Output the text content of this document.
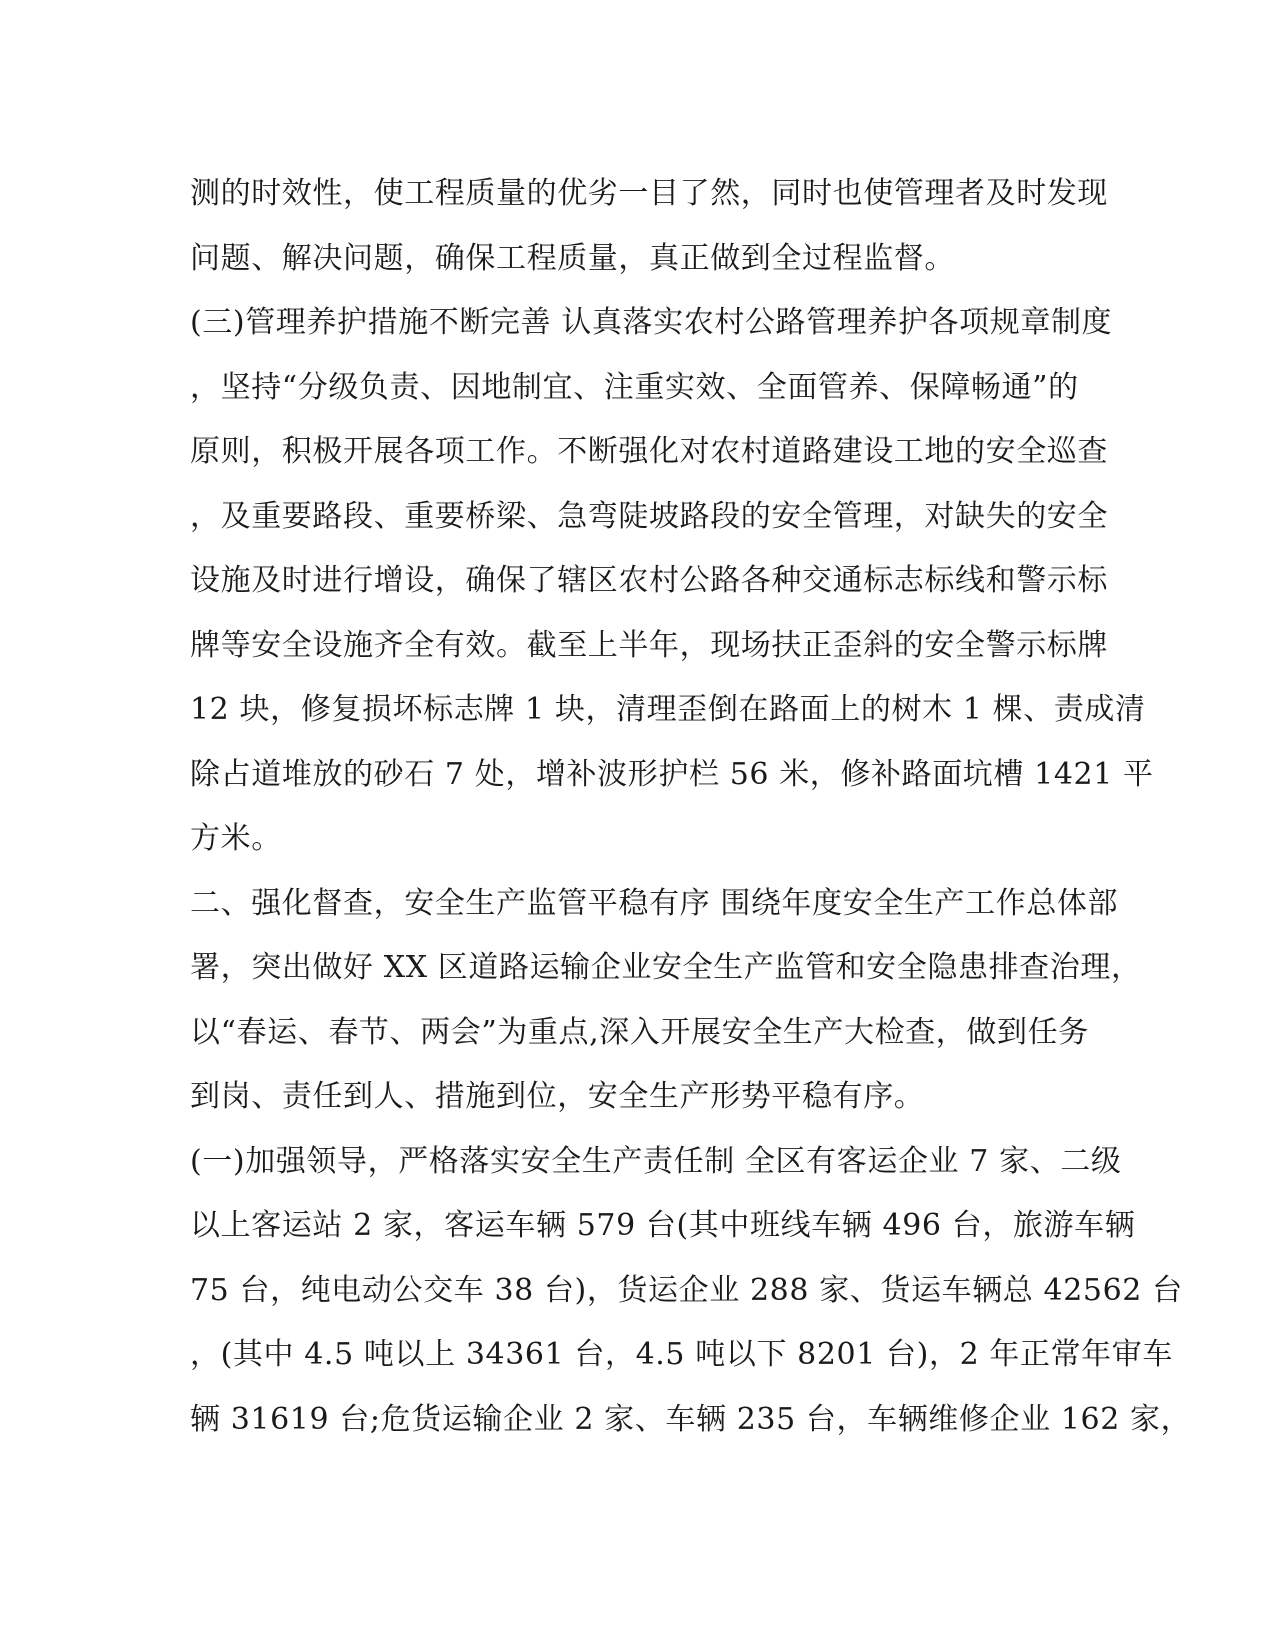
测的时效性，使工程质量的优劣一目了然，同时也使管理者及时发现
问题、解决问题，确保工程质量，真正做到全过程监督。
(三)管理养护措施不断完善 认真落实农村公路管理养护各项规章制度
，坚持“分级负责、因地制宜、注重实效、全面管养、保障畅通”的
原则，积极开展各项工作。不断强化对农村道路建设工地的安全巡查
，及重要路段、重要桥梁、急弯陡坡路段的安全管理，对缺失的安全
设施及时进行增设，确保了辖区农村公路各种交通标志标线和警示标
牌等安全设施齐全有效。截至上半年，现场扶正歪斜的安全警示标牌
12 块，修复损坏标志牌 1 块，清理歪倒在路面上的树木 1 棵、责成清
除占道堆放的砂石 7 处，增补波形护栏 56 米，修补路面坑槽 1421 平
方米。
二、强化督查，安全生产监管平稳有序 围绕年度安全生产工作总体部
署，突出做好 XX 区道路运输企业安全生产监管和安全隐患排查治理，
以“春运、春节、两会”为重点,深入开展安全生产大检查，做到任务
到岗、责任到人、措施到位，安全生产形势平稳有序。
(一)加强领导，严格落实安全生产责任制 全区有客运企业 7 家、二级
以上客运站 2 家，客运车辆 579 台(其中班线车辆 496 台，旅游车辆
75 台，纯电动公交车 38 台)，货运企业 288 家、货运车辆总 42562 台
，(其中 4.5 吨以上 34361 台，4.5 吨以下 8201 台)，2 年正常年审车
辆 31619 台;危货运输企业 2 家、车辆 235 台，车辆维修企业 162 家，
